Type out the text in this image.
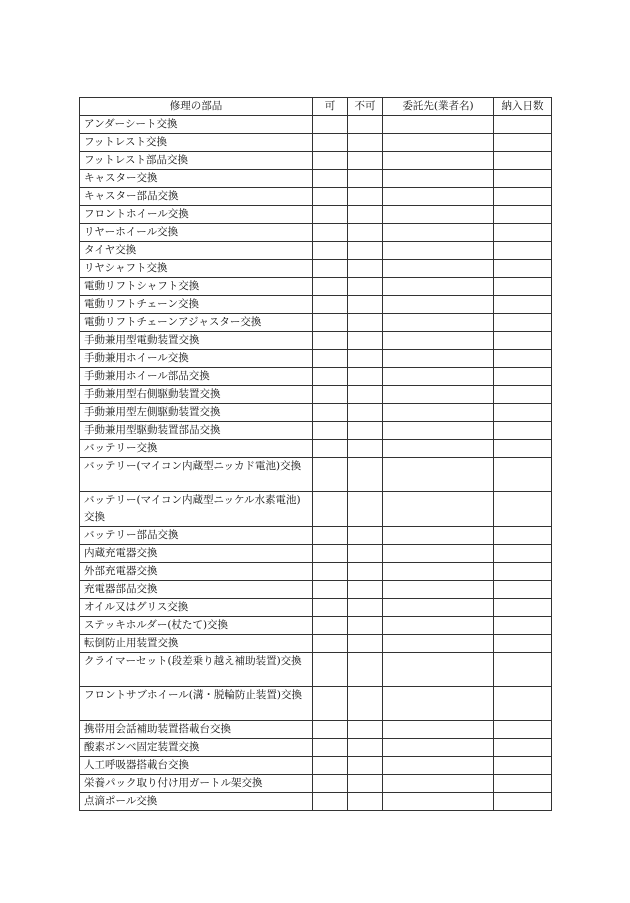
修理の部品	可	不可	委託先(業者名)	納入日数
アンダーシート交換				
フットレスト交換				
フットレスト部品交換				
キャスター交換				
キャスター部品交換				
フロントホイール交換				
リヤーホイール交換				
タイヤ交換				
リヤシャフト交換				
電動リフトシャフト交換				
電動リフトチェーン交換				
電動リフトチェーンアジャスター交換				
手動兼用型電動装置交換				
手動兼用ホイール交換				
手動兼用ホイール部品交換				
手動兼用型右側駆動装置交換				
手動兼用型左側駆動装置交換				
手動兼用型駆動装置部品交換				
バッテリー交換				
バッテリー(マイコン内蔵型ニッカド電池)交換				
バッテリー(マイコン内蔵型ニッケル水素電池)交換				
バッテリー部品交換				
内蔵充電器交換				
外部充電器交換				
充電器部品交換				
オイル又はグリス交換				
ステッキホルダー(杖たて)交換				
転倒防止用装置交換				
クライマーセット(段差乗り越え補助装置)交換				
フロントサブホイール(溝・脱輪防止装置)交換				
携帯用会話補助装置搭載台交換				
酸素ボンベ固定装置交換				
人工呼吸器搭載台交換				
栄養パック取り付け用ガートル架交換				
点滴ポール交換				
